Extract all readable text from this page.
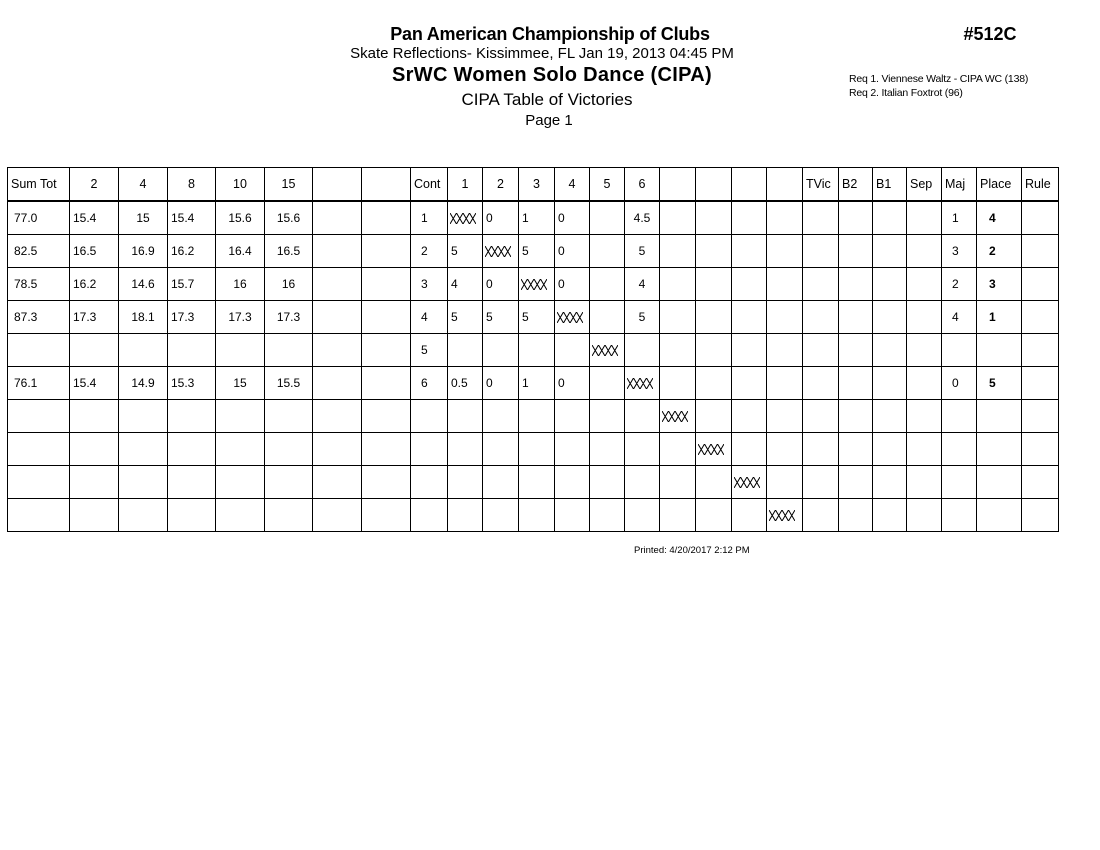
Pan American Championship of Clubs
Skate Reflections- Kissimmee, FL Jan 19, 2013 04:45 PM
SrWC Women Solo Dance (CIPA)
CIPA Table of Victories
Page 1
#512C
Req 1. Viennese Waltz - CIPA WC (138)
Req 2. Italian Foxtrot (96)
Sum Tot	2	4	8	10	15			Cont	1	2	3	4	5	6					TVic	B2	B1	Sep	Maj	Place	Rule
77.0	15.4	15	15.4	15.6	15.6			1		0	1	0		4.5									1	4	
82.5	16.5	16.9	16.2	16.4	16.5			2	5		5	0		5									3	2	
78.5	16.2	14.6	15.7	16	16			3	4	0		0		4									2	3	
87.3	17.3	18.1	17.3	17.3	17.3			4	5	5	5			5									4	1	
								5																	
76.1	15.4	14.9	15.3	15	15.5			6	0.5	0	1	0											0	5	

Printed: 4/20/2017 2:12 PM
